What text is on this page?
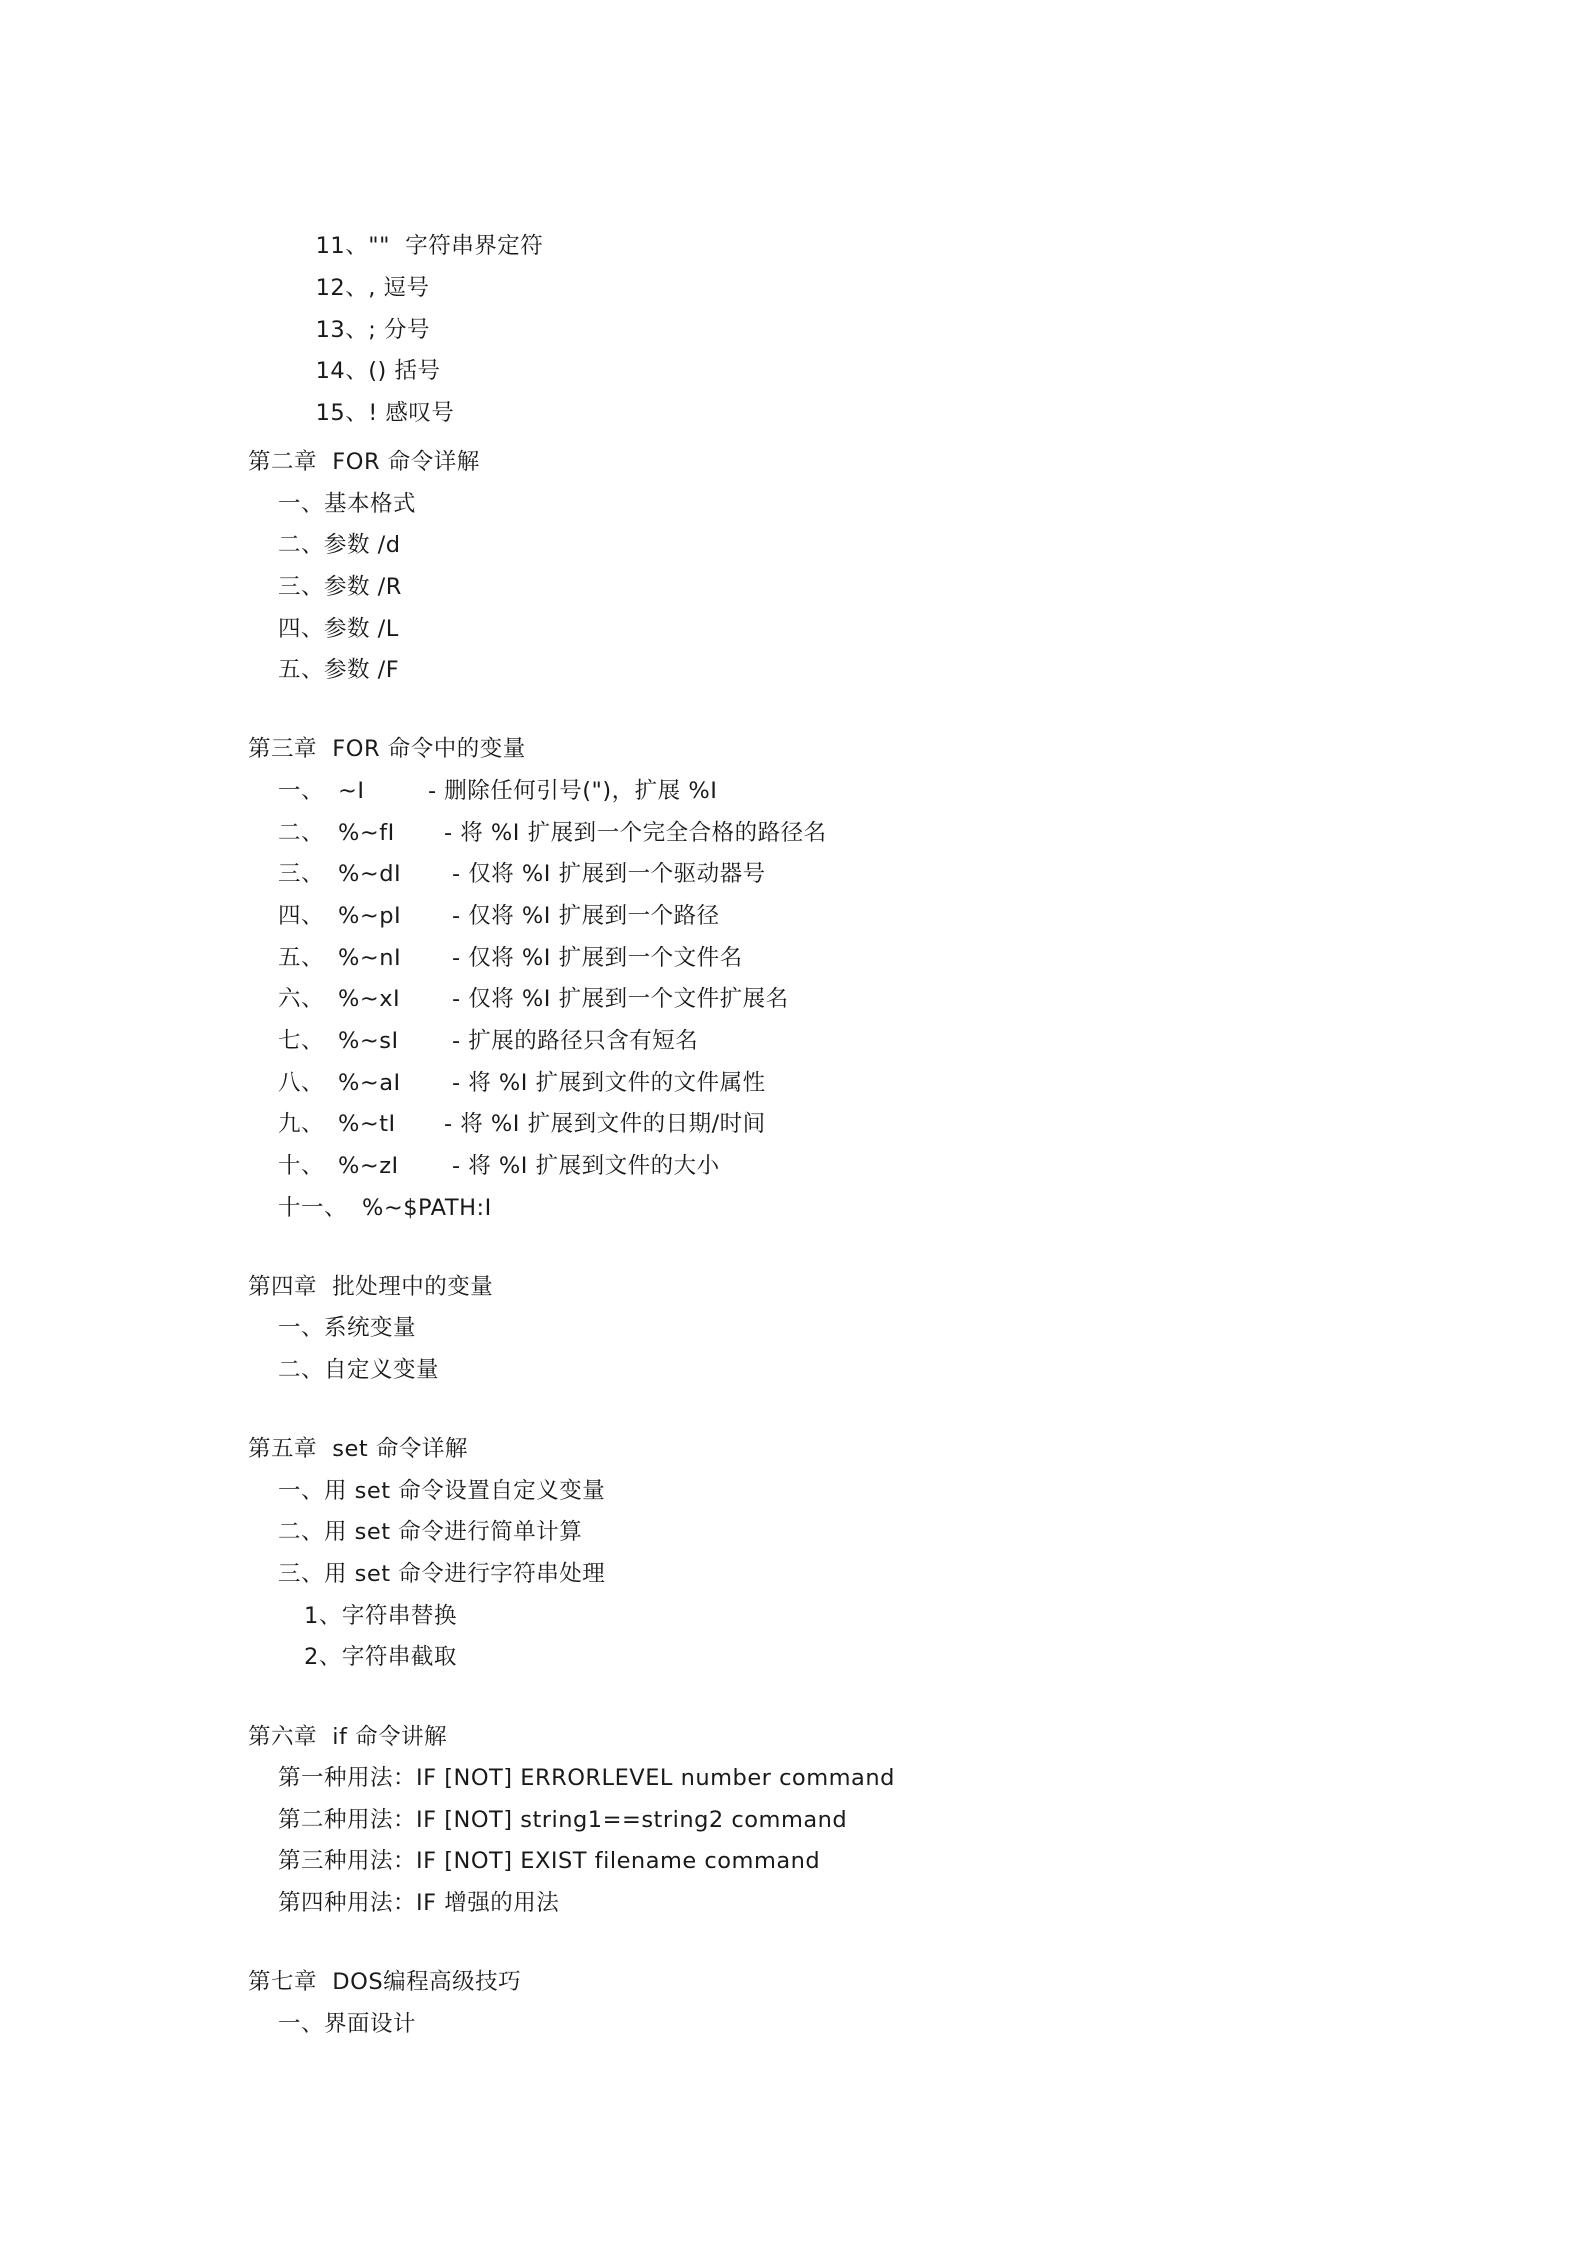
11、""  字符串界定符

12、, 逗号

13、; 分号

14、() 括号

15、! 感叹号

第二章  FOR 命令详解
一、基本格式
二、参数 /d
三、参数 /R
四、参数 /L
五、参数 /F
第三章  FOR 命令中的变量
一、 ~I	- 删除任何引号(")，扩展 %I
二、 %~fI - 将 %I 扩展到一个完全合格的路径名
三、 %~dI - 仅将 %I 扩展到一个驱动器号
四、 %~pI - 仅将 %I 扩展到一个路径
五、 %~nI - 仅将 %I 扩展到一个文件名
六、 %~xI - 仅将 %I 扩展到一个文件扩展名
七、 %~sI - 扩展的路径只含有短名
八、 %~aI - 将 %I 扩展到文件的文件属性
九、 %~tI - 将 %I 扩展到文件的日期/时间
十、 %~zI - 将 %I 扩展到文件的大小
十一、 %~$PATH:I
第四章  批处理中的变量
一、系统变量
二、自定义变量
第五章  set 命令详解
一、用 set 命令设置自定义变量
二、用 set 命令进行简单计算
三、用 set 命令进行字符串处理
1、字符串替换
2、字符串截取
第六章  if 命令讲解
第一种用法：IF [NOT] ERRORLEVEL number command
第二种用法：IF [NOT] string1==string2 command
第三种用法：IF [NOT] EXIST filename command
第四种用法：IF 增强的用法
第七章  DOS编程高级技巧
一、界面设计
